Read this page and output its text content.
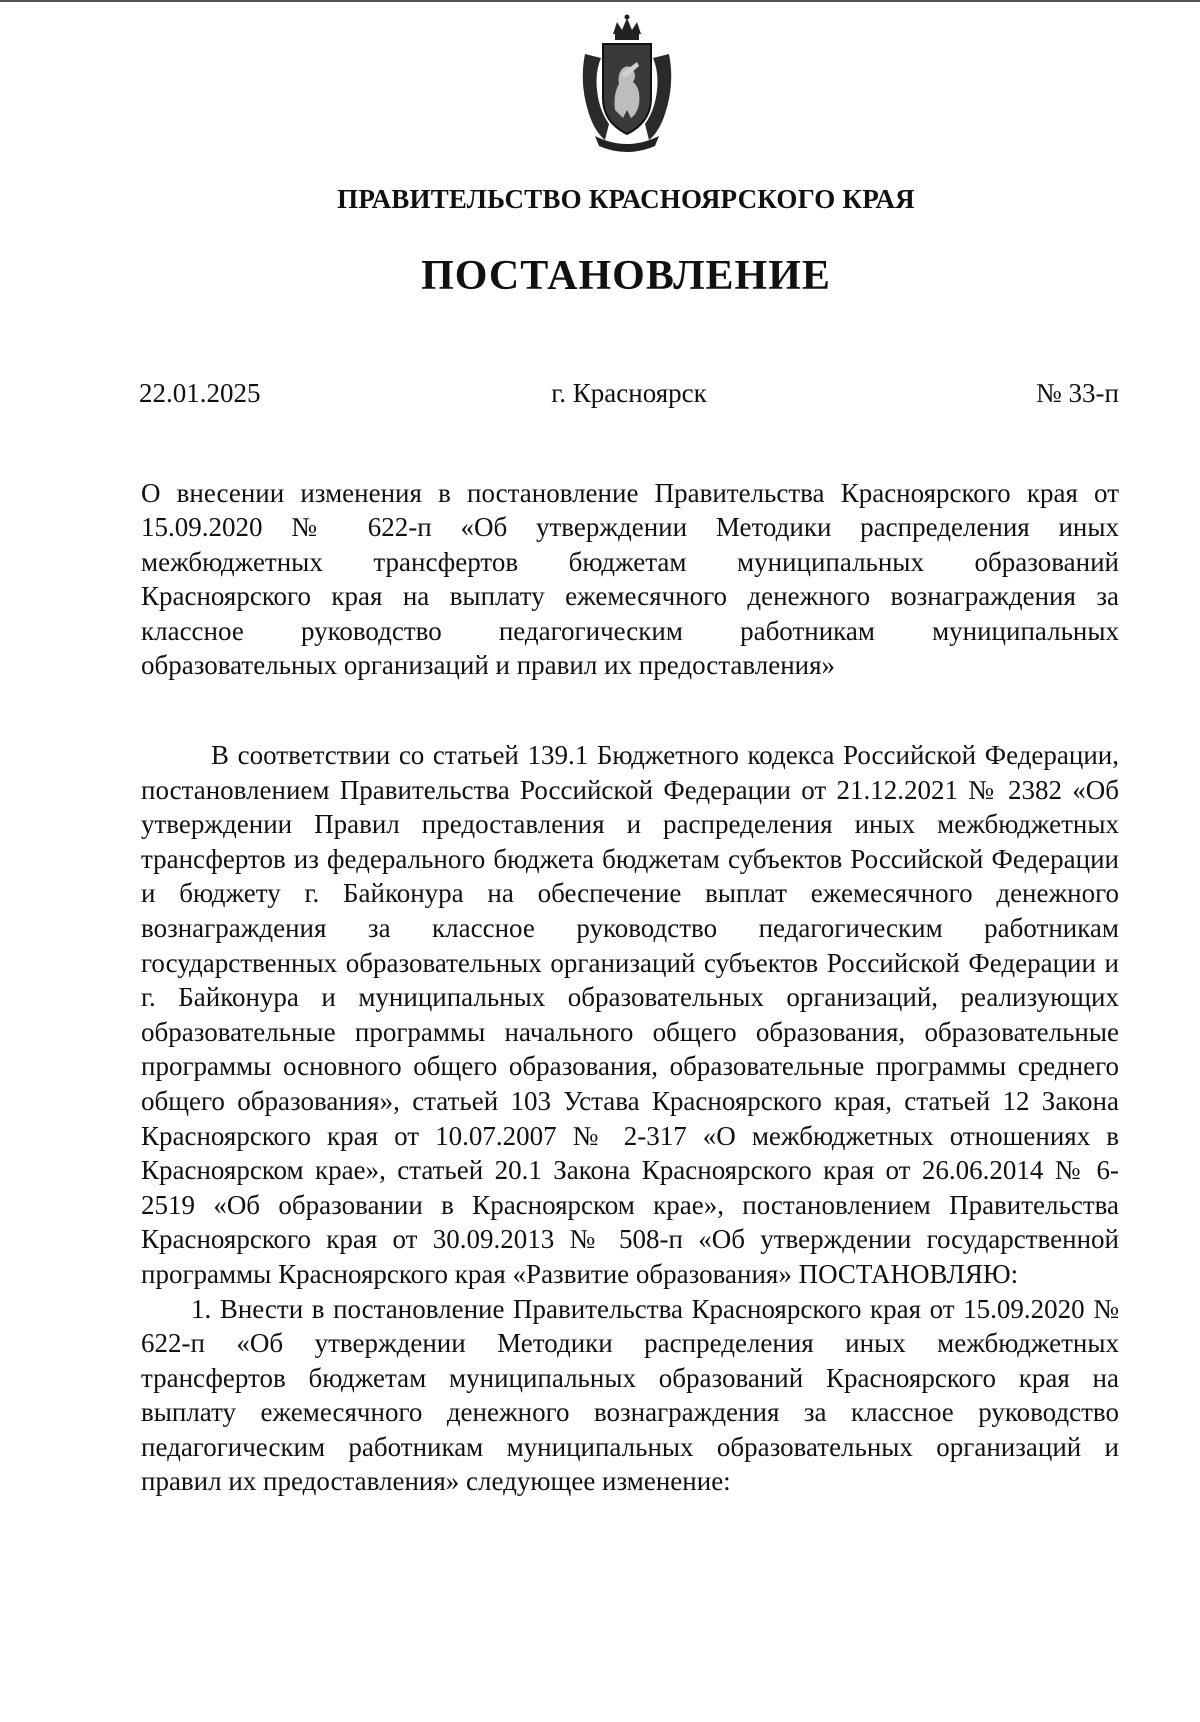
ПРАВИТЕЛЬСТВО КРАСНОЯРСКОГО КРАЯ
ПОСТАНОВЛЕНИЕ
22.01.2025	г. Красноярск	№ 33-п
О внесении изменения в постановление Правительства Красноярского края от 15.09.2020 № 622-п «Об утверждении Методики распределения иных межбюджетных трансфертов бюджетам муниципальных образований Красноярского края на выплату ежемесячного денежного вознаграждения за классное руководство педагогическим работникам муниципальных образовательных организаций и правил их предоставления»

В соответствии со статьей 139.1 Бюджетного кодекса Российской Федерации, постановлением Правительства Российской Федерации от 21.12.2021 № 2382 «Об утверждении Правил предоставления и распределения иных межбюджетных трансфертов из федерального бюджета бюджетам субъектов Российской Федерации и бюджету г. Байконура на обеспечение выплат ежемесячного денежного вознаграждения за классное руководство педагогическим работникам государственных образовательных организаций субъектов Российской Федерации и г. Байконура и муниципальных образовательных организаций, реализующих образовательные программы начального общего образования, образовательные программы основного общего образования, образовательные программы среднего общего образования», статьей 103 Устава Красноярского края, статьей 12 Закона Красноярского края от 10.07.2007 № 2-317 «О межбюджетных отношениях в Красноярском крае», статьей 20.1 Закона Красноярского края от 26.06.2014 № 6-2519 «Об образовании в Красноярском крае», постановлением Правительства Красноярского края от 30.09.2013 № 508-п «Об утверждении государственной программы Красноярского края «Развитие образования» ПОСТАНОВЛЯЮ:

1. Внести в постановление Правительства Красноярского края от 15.09.2020 № 622-п «Об утверждении Методики распределения иных межбюджетных трансфертов бюджетам муниципальных образований Красноярского края на выплату ежемесячного денежного вознаграждения за классное руководство педагогическим работникам муниципальных образовательных организаций и правил их предоставления» следующее изменение:
